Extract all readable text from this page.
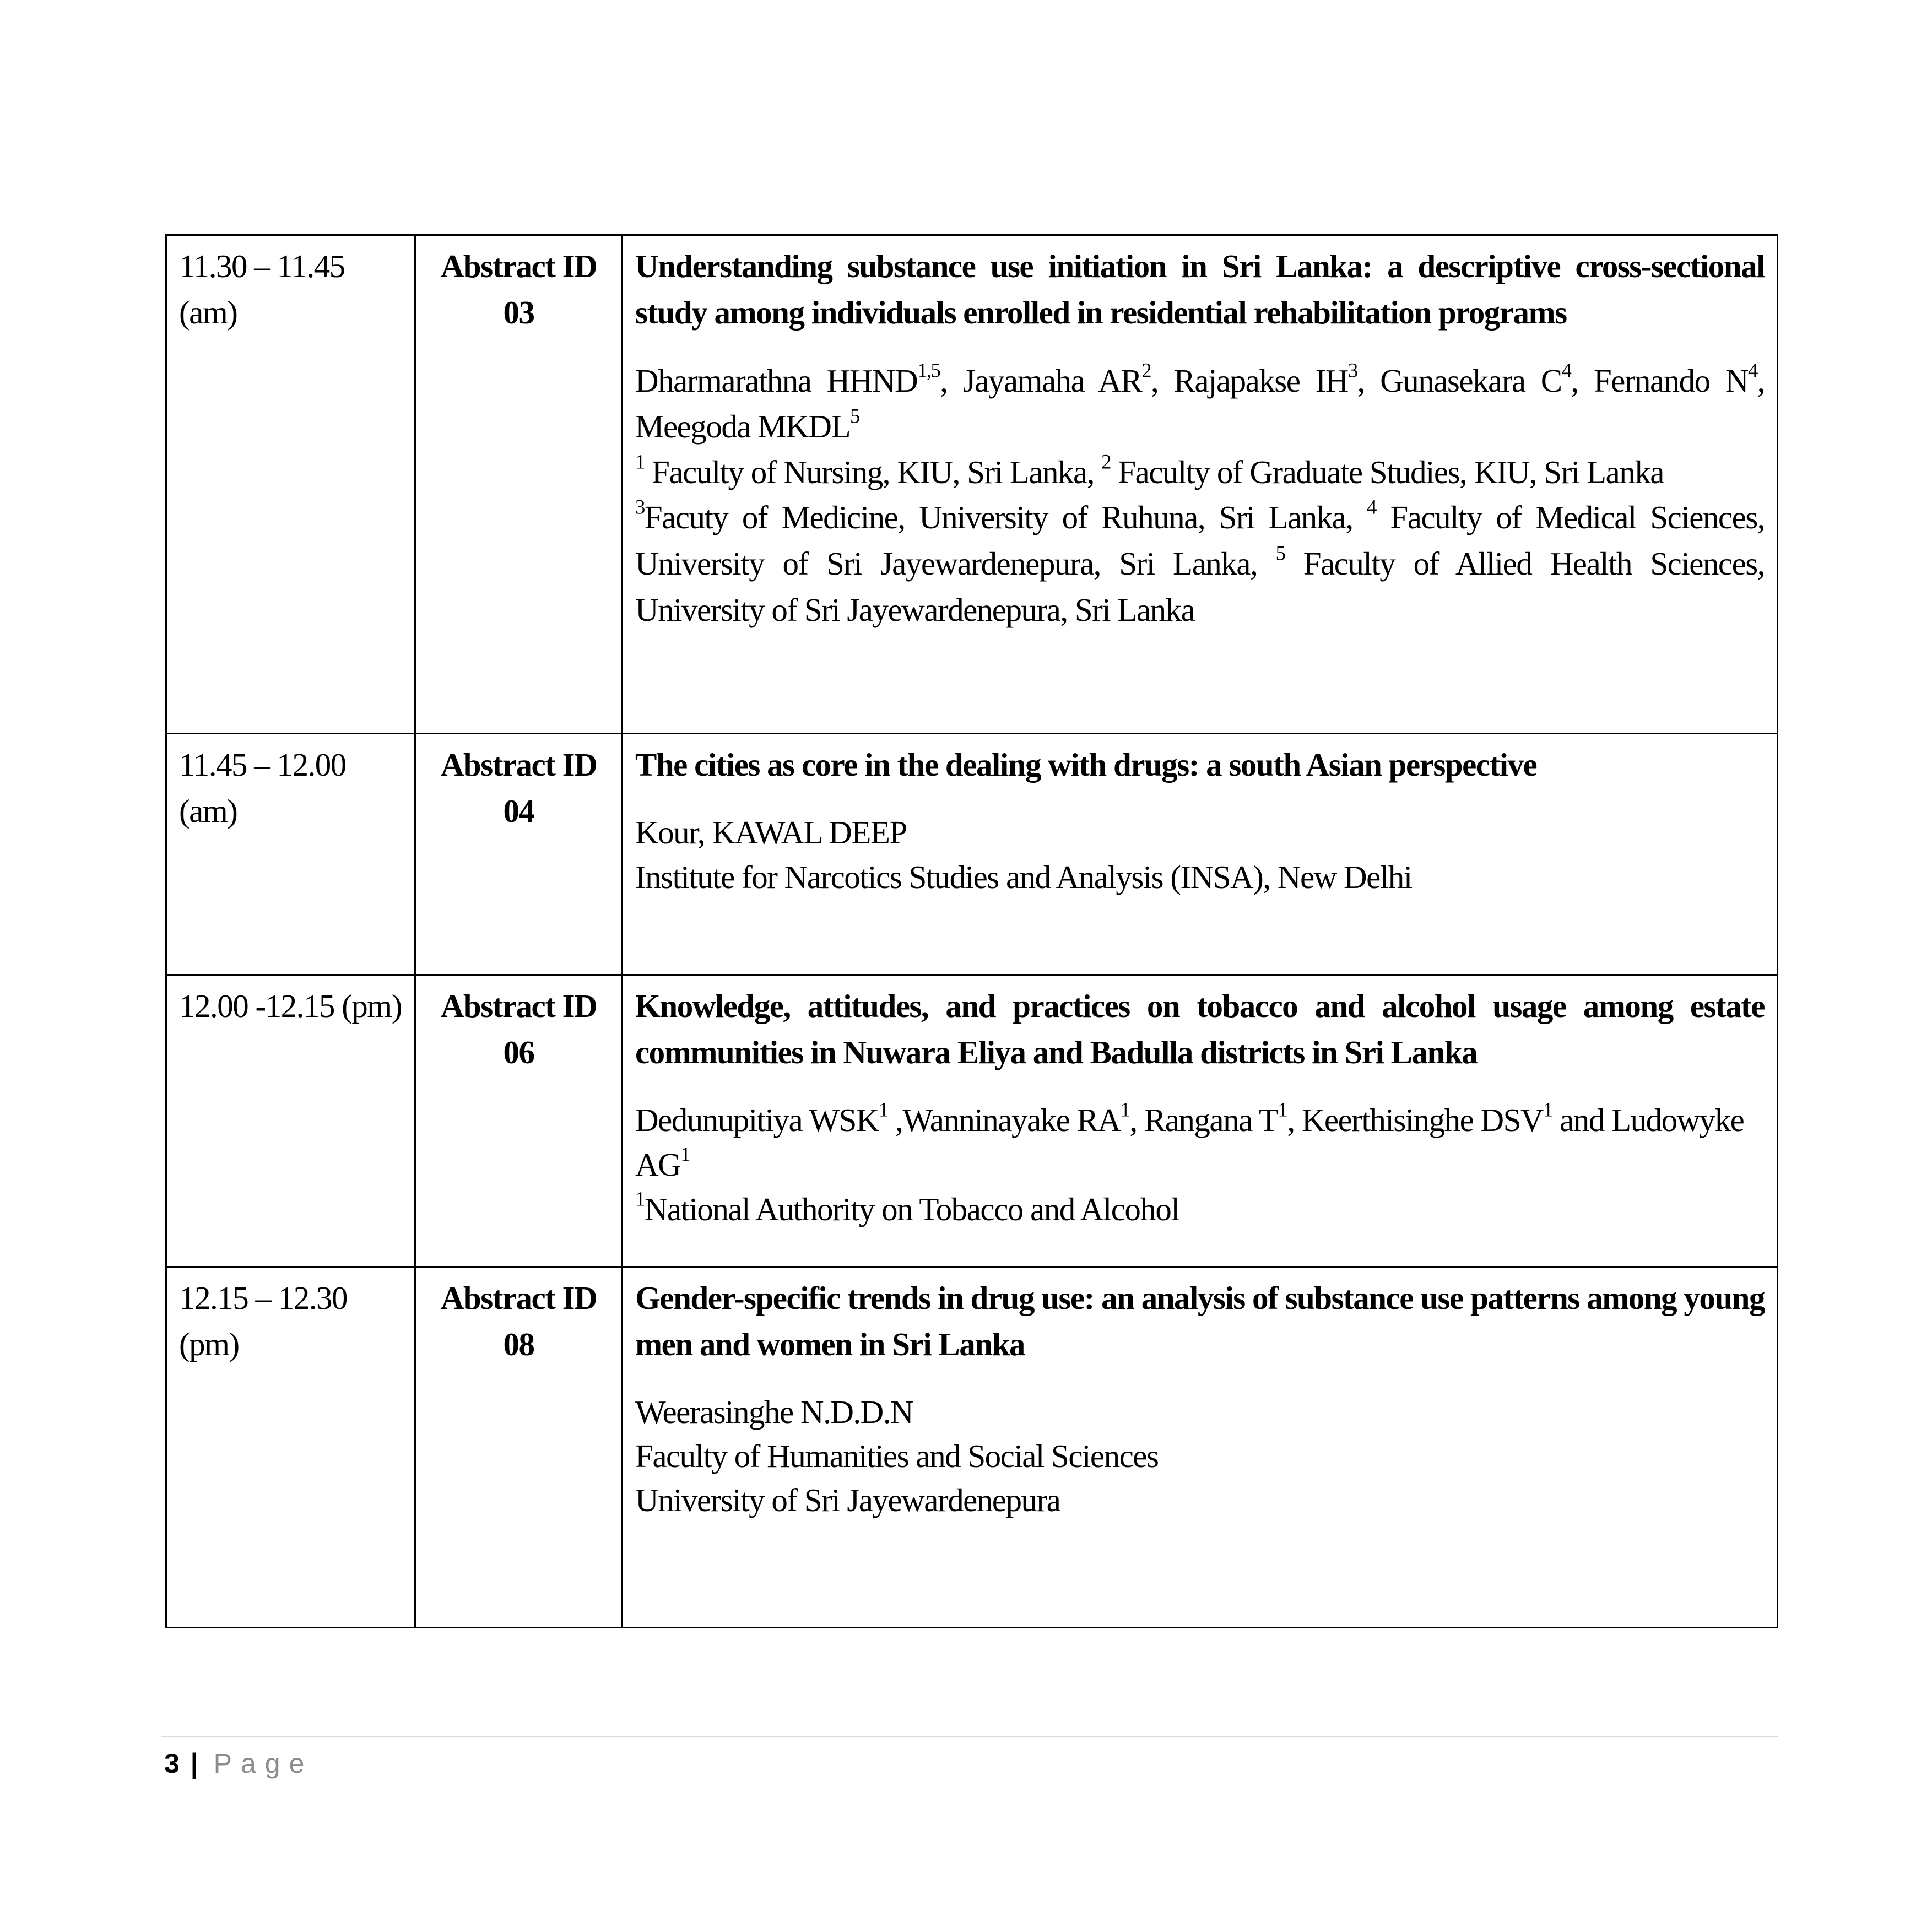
11.30 – 11.45 (am)	Abstract ID 03	Understanding substance use initiation in Sri Lanka: a descriptive cross-sectional study among individuals enrolled in residential rehabilitation programs

Dharmarathna HHND$^{1,5}$, Jayamaha $AR^2$, Rajapakse $IH^3$, Gunasekara $C^4$, Fernando $N^4$, Meegoda MKDL$^5$

$^1$ Faculty of Nursing, KIU, Sri Lanka, $^2$ Faculty of Graduate Studies, KIU, Sri Lanka

$^3$Facuty of Medicine, University of Ruhuna, Sri Lanka, $^4$ Faculty of Medical Sciences, University of Sri Jayewardenepura, Sri Lanka, $^5$ Faculty of Allied Health Sciences, University of Sri Jayewardenepura, Sri Lanka

11.45 – 12.00 (am)	Abstract ID 04	The cities as core in the dealing with drugs: a south Asian perspective

Kour, KAWAL DEEP

Institute for Narcotics Studies and Analysis (INSA), New Delhi

12.00 -12.15 (pm)	Abstract ID 06	Knowledge, attitudes, and practices on tobacco and alcohol usage among estate communities in Nuwara Eliya and Badulla districts in Sri Lanka

Dedunupitiya WSK$^1$ ,Wanninayake $RA^1$, Rangana $T^1$, Keerthisinghe DSV$^1$ and Ludowyke $AG^1$

$^1$National Authority on Tobacco and Alcohol

12.15 – 12.30 (pm)	Abstract ID 08	Gender-specific trends in drug use: an analysis of substance use patterns among young men and women in Sri Lanka

Weerasinghe N.D.D.N
Faculty of Humanities and Social Sciences
University of Sri Jayewardenepura
3 | Page
